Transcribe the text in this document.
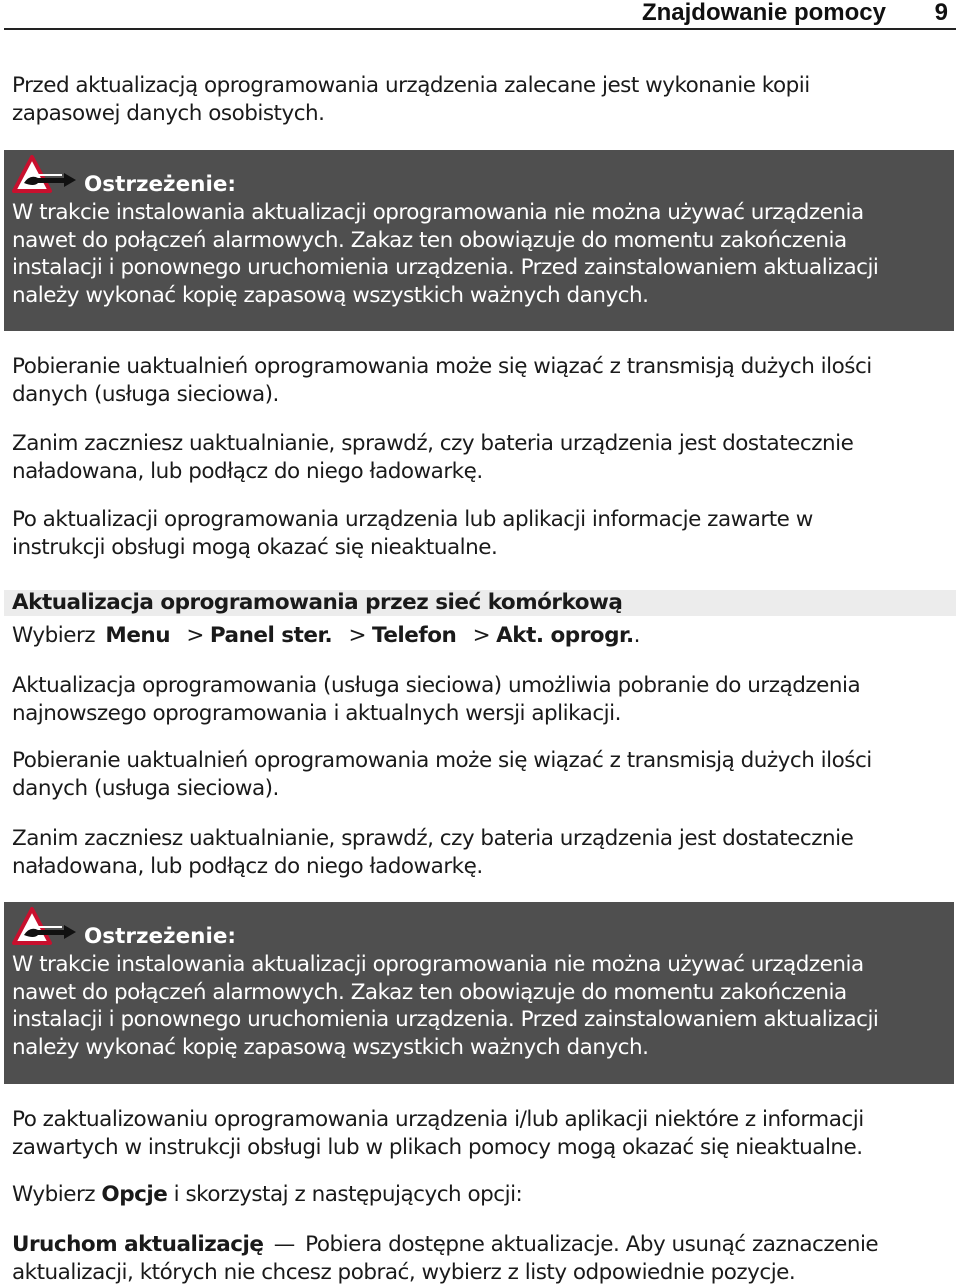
Znajdowanie pomocy 9
Przed aktualizacją oprogramowania urządzenia zalecane jest wykonanie kopii
zapasowej danych osobistych.
Ostrzeżenie:
W trakcie instalowania aktualizacji oprogramowania nie można używać urządzenia
nawet do połączeń alarmowych. Zakaz ten obowiązuje do momentu zakończenia
instalacji i ponownego uruchomienia urządzenia. Przed zainstalowaniem aktualizacji
należy wykonać kopię zapasową wszystkich ważnych danych.
Pobieranie uaktualnień oprogramowania może się wiązać z transmisją dużych ilości
danych (usługa sieciowa).
Zanim zaczniesz uaktualnianie, sprawdź, czy bateria urządzenia jest dostatecznie
naładowana, lub podłącz do niego ładowarkę.
Po aktualizacji oprogramowania urządzenia lub aplikacji informacje zawarte w
instrukcji obsługi mogą okazać się nieaktualne.
Aktualizacja oprogramowania przez sieć komórkową
Wybierz Menu > Panel ster. > Telefon > Akt. oprogr..
Aktualizacja oprogramowania (usługa sieciowa) umożliwia pobranie do urządzenia
najnowszego oprogramowania i aktualnych wersji aplikacji.
Pobieranie uaktualnień oprogramowania może się wiązać z transmisją dużych ilości
danych (usługa sieciowa).
Zanim zaczniesz uaktualnianie, sprawdź, czy bateria urządzenia jest dostatecznie
naładowana, lub podłącz do niego ładowarkę.
Ostrzeżenie:
W trakcie instalowania aktualizacji oprogramowania nie można używać urządzenia
nawet do połączeń alarmowych. Zakaz ten obowiązuje do momentu zakończenia
instalacji i ponownego uruchomienia urządzenia. Przed zainstalowaniem aktualizacji
należy wykonać kopię zapasową wszystkich ważnych danych.
Po zaktualizowaniu oprogramowania urządzenia i/lub aplikacji niektóre z informacji
zawartych w instrukcji obsługi lub w plikach pomocy mogą okazać się nieaktualne.
Wybierz Opcje i skorzystaj z następujących opcji:
Uruchom aktualizację — Pobiera dostępne aktualizacje. Aby usunąć zaznaczenie
aktualizacji, których nie chcesz pobrać, wybierz z listy odpowiednie pozycje.
